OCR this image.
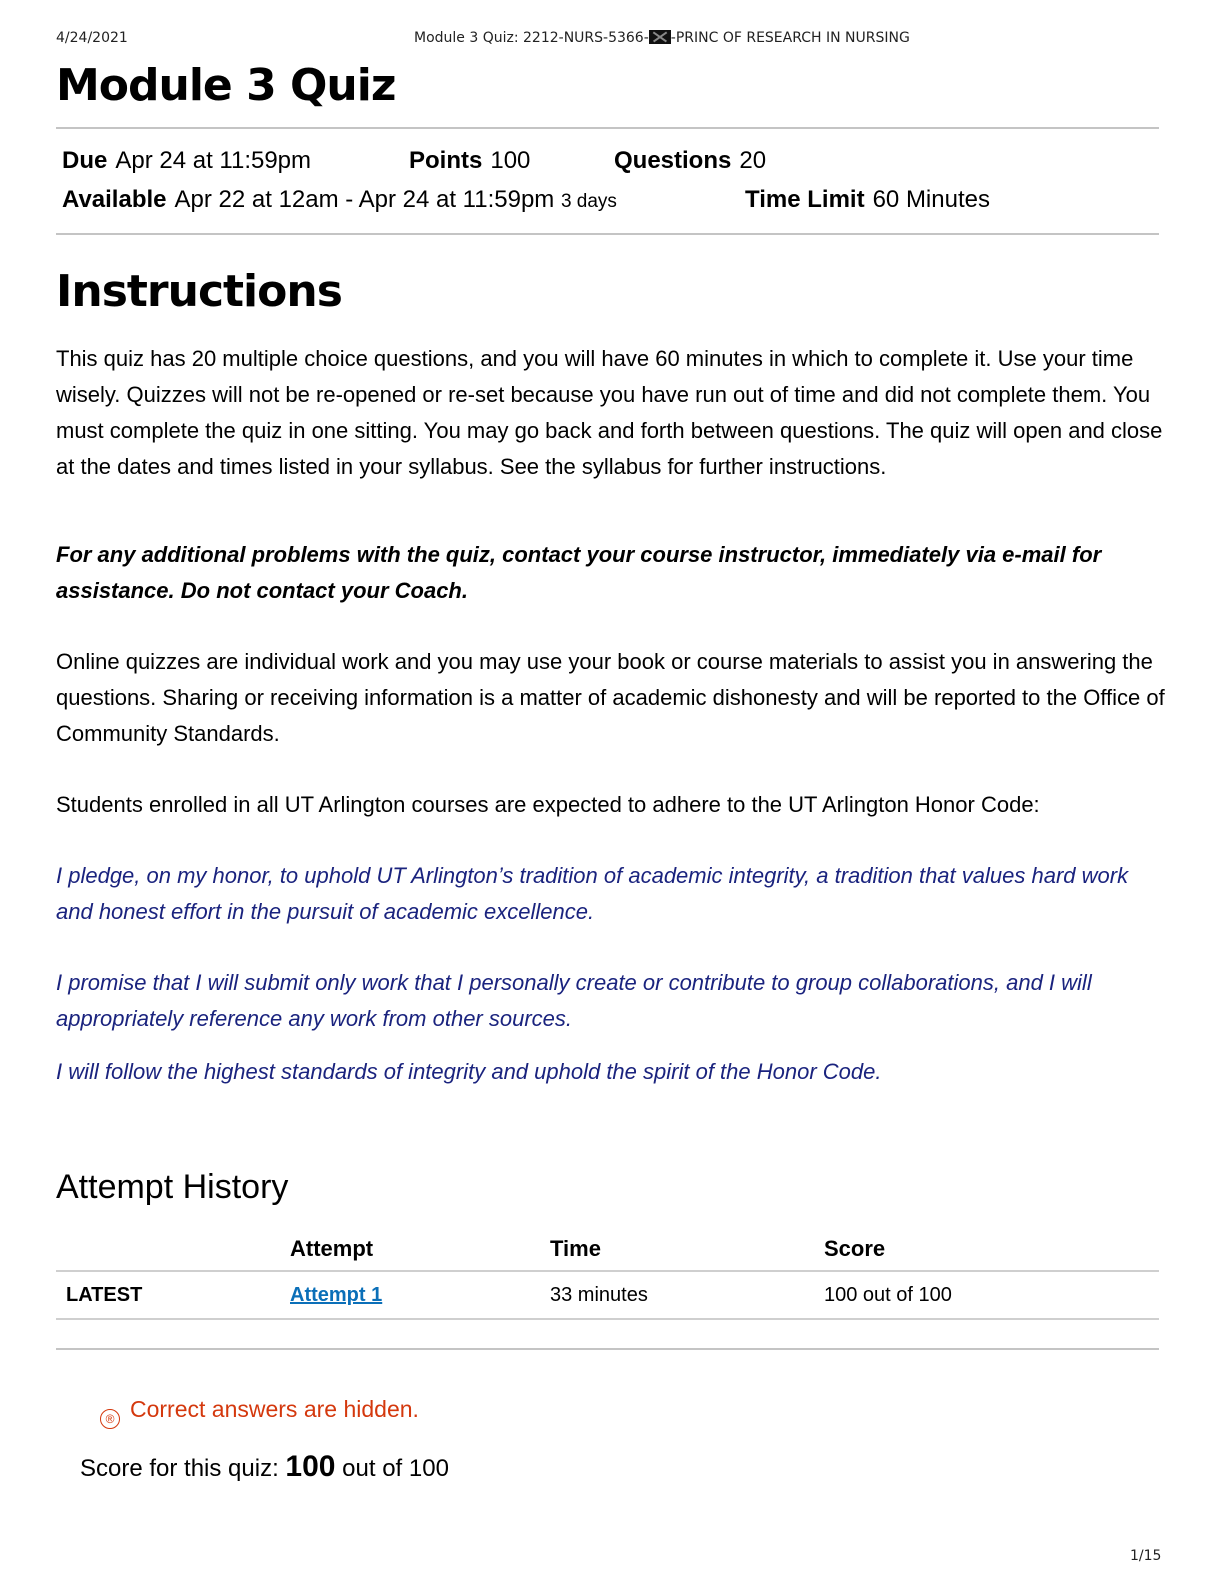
4/24/2021	Module 3 Quiz: 2212-NURS-5366- -PRINC OF RESEARCH IN NURSING
Module 3 Quiz
Due Apr 24 at 11:59pm	Points 100	Questions 20
Available Apr 22 at 12am - Apr 24 at 11:59pm 3 days	Time Limit 60 Minutes
Instructions

This quiz has 20 multiple choice questions, and you will have 60 minutes in which to complete it. Use your time wisely. Quizzes will not be re-opened or re-set because you have run out of time and did not complete them. You must complete the quiz in one sitting. You may go back and forth between questions. The quiz will open and close at the dates and times listed in your syllabus. See the syllabus for further instructions.

For any additional problems with the quiz, contact your course instructor, immediately via e-mail for assistance. Do not contact your Coach.

Online quizzes are individual work and you may use your book or course materials to assist you in answering the questions. Sharing or receiving information is a matter of academic dishonesty and will be reported to the Office of Community Standards.

Students enrolled in all UT Arlington courses are expected to adhere to the UT Arlington Honor Code:

I pledge, on my honor, to uphold UT Arlington’s tradition of academic integrity, a tradition that values hard work and honest effort in the pursuit of academic excellence.

I promise that I will submit only work that I personally create or contribute to group collaborations, and I will appropriately reference any work from other sources.

I will follow the highest standards of integrity and uphold the spirit of the Honor Code.

Attempt History
	Attempt	Time	Score
LATEST	Attempt 1	33 minutes	100 out of 100
® Correct answers are hidden.
Score for this quiz: 100 out of 100
1/15
